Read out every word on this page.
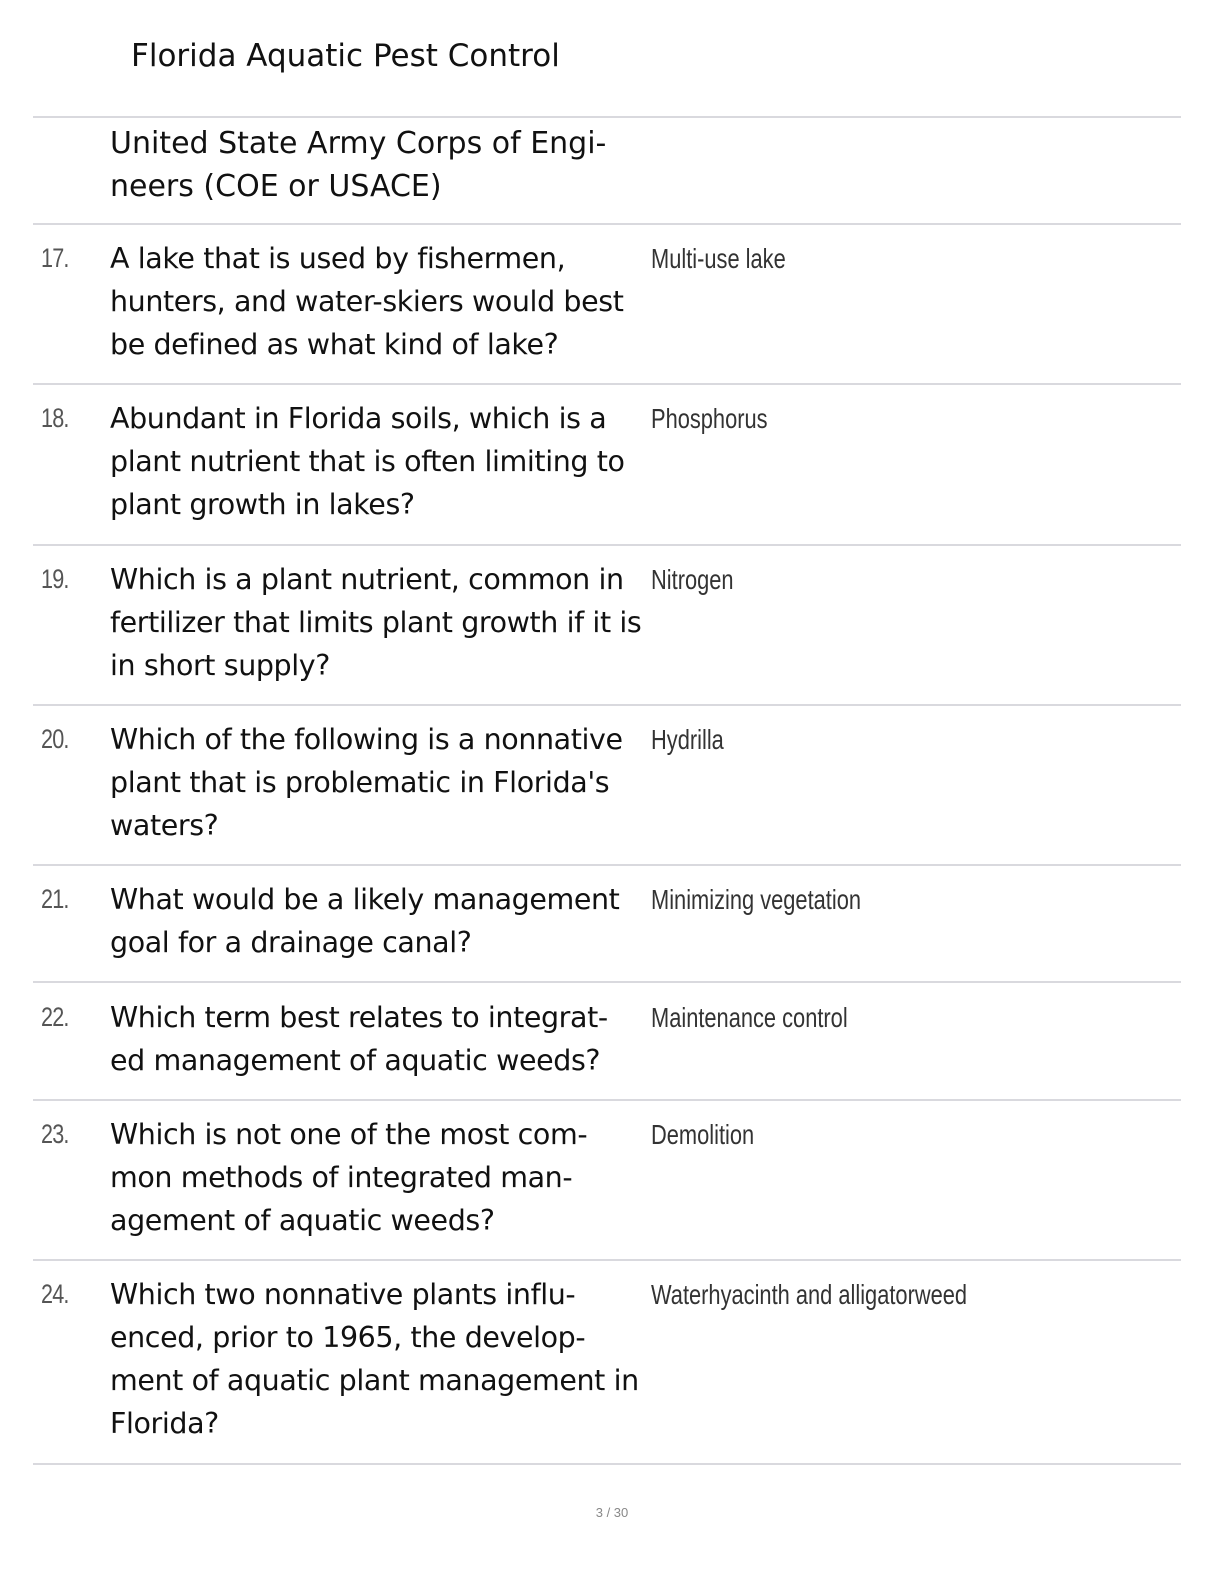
Florida Aquatic Pest Control
United State Army Corps of Engi- neers (COE or USACE)
17. A lake that is used by fishermen, hunters, and water-skiers would best be defined as what kind of lake?
Multi-use lake
18. Abundant in Florida soils, which is a plant nutrient that is often limiting to plant growth in lakes?
Phosphorus
19. Which is a plant nutrient, common in fertilizer that limits plant growth if it is in short supply?
Nitrogen
20. Which of the following is a nonnative plant that is problematic in Florida's waters?
Hydrilla
21. What would be a likely management goal for a drainage canal?
Minimizing vegetation
22. Which term best relates to integrat- ed management of aquatic weeds?
Maintenance control
23. Which is not one of the most com- mon methods of integrated man- agement of aquatic weeds?
Demolition
24. Which two nonnative plants influ- enced, prior to 1965, the develop- ment of aquatic plant management in Florida?
Waterhyacinth and alligatorweed
3 / 30
